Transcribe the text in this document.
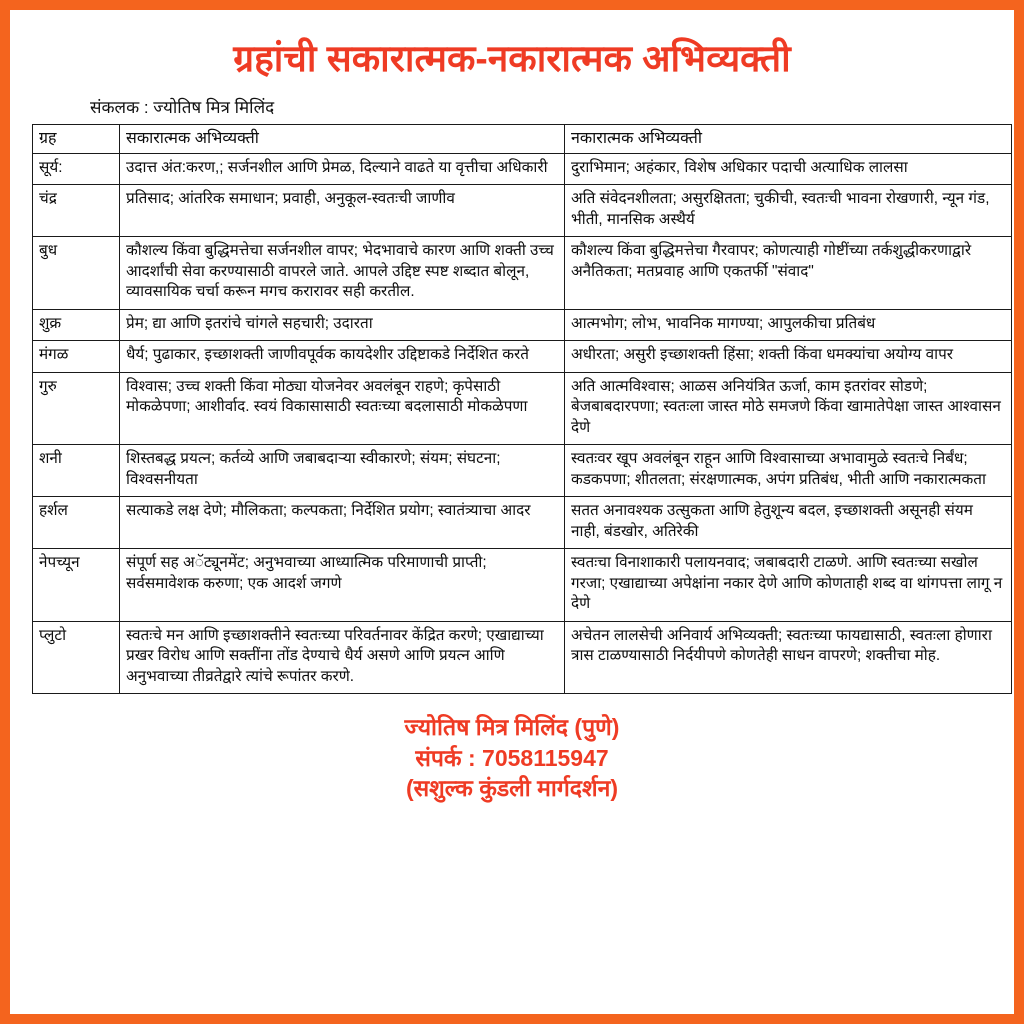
ग्रहांची सकारात्मक-नकारात्मक अभिव्यक्ती
संकलक : ज्योतिष मित्र मिलिंद
ग्रह	सकारात्मक अभिव्यक्ती	नकारात्मक अभिव्यक्ती
सूर्य:	उदात्त अंत:करण,; सर्जनशील आणि प्रेमळ, दिल्याने वाढते या वृत्तीचा अधिकारी	दुराभिमान; अहंकार, विशेष अधिकार पदाची अत्याधिक लालसा
चंद्र	प्रतिसाद; आंतरिक समाधान; प्रवाही, अनुकूल-स्वतःची जाणीव	अति संवेदनशीलता; असुरक्षितता; चुकीची, स्वतःची भावना रोखणारी, न्यून गंड, भीती, मानसिक अस्थैर्य
बुध	कौशल्य किंवा बुद्धिमत्तेचा सर्जनशील वापर; भेदभावाचे कारण आणि शक्ती उच्च आदर्शांची सेवा करण्यासाठी वापरले जाते. आपले उद्दिष्ट स्पष्ट शब्दात बोलून, व्यावसायिक चर्चा करून मगच करारावर सही करतील.	कौशल्य किंवा बुद्धिमत्तेचा गैरवापर; कोणत्याही गोष्टींच्या तर्कशुद्धीकरणाद्वारे अनैतिकता; मतप्रवाह आणि एकतर्फी "संवाद"
शुक्र	प्रेम; द्या आणि इतरांचे चांगले सहचारी; उदारता	आत्मभोग; लोभ, भावनिक मागण्या; आपुलकीचा प्रतिबंध
मंगळ	धैर्य; पुढाकार, इच्छाशक्ती जाणीवपूर्वक कायदेशीर उद्दिष्टाकडे निर्देशित करते	अधीरता; असुरी इच्छाशक्ती हिंसा; शक्ती किंवा धमक्यांचा अयोग्य वापर
गुरु	विश्वास; उच्च शक्ती किंवा मोठ्या योजनेवर अवलंबून राहणे; कृपेसाठी मोकळेपणा; आशीर्वाद. स्वयं विकासासाठी स्वतःच्या बदलासाठी मोकळेपणा	अति आत्मविश्वास; आळस अनियंत्रित ऊर्जा, काम इतरांवर सोडणे; बेजबाबदारपणा; स्वतःला जास्त मोठे समजणे किंवा खामातेपेक्षा जास्त आश्वासन देणे
शनी	शिस्तबद्ध प्रयत्न; कर्तव्ये आणि जबाबदाऱ्या स्वीकारणे; संयम; संघटना; विश्वसनीयता	स्वतःवर खूप अवलंबून राहून आणि विश्वासाच्या अभावामुळे स्वतःचे निर्बंध; कडकपणा; शीतलता; संरक्षणात्मक, अपंग प्रतिबंध, भीती आणि नकारात्मकता
हर्शल	सत्याकडे लक्ष देणे; मौलिकता; कल्पकता; निर्देशित प्रयोग; स्वातंत्र्याचा आदर	सतत अनावश्यक उत्सुकता आणि हेतुशून्य बदल, इच्छाशक्ती असूनही संयम नाही, बंडखोर, अतिरेकी
नेपच्यून	संपूर्ण सह अॅट्यूनमेंट; अनुभवाच्या आध्यात्मिक परिमाणाची प्राप्ती; सर्वसमावेशक करुणा; एक आदर्श जगणे	स्वतःचा विनाशाकारी पलायनवाद; जबाबदारी टाळणे. आणि स्वतःच्या सखोल गरजा; एखाद्याच्या अपेक्षांना नकार देणे आणि कोणताही शब्द वा थांगपत्ता लागू न देणे
प्लुटो	स्वतःचे मन आणि इच्छाशक्तीने स्वतःच्या परिवर्तनावर केंद्रित करणे; एखाद्याच्या प्रखर विरोध आणि सक्तींना तोंड देण्याचे धैर्य असणे आणि प्रयत्न आणि अनुभवाच्या तीव्रतेद्वारे त्यांचे रूपांतर करणे.	अचेतन लालसेची अनिवार्य अभिव्यक्ती; स्वतःच्या फायद्यासाठी, स्वतःला होणारा त्रास टाळण्यासाठी निर्दयीपणे कोणतेही साधन वापरणे; शक्तीचा मोह.
ज्योतिष मित्र मिलिंद (पुणे)
संपर्क : 7058115947
(सशुल्क कुंडली मार्गदर्शन)
